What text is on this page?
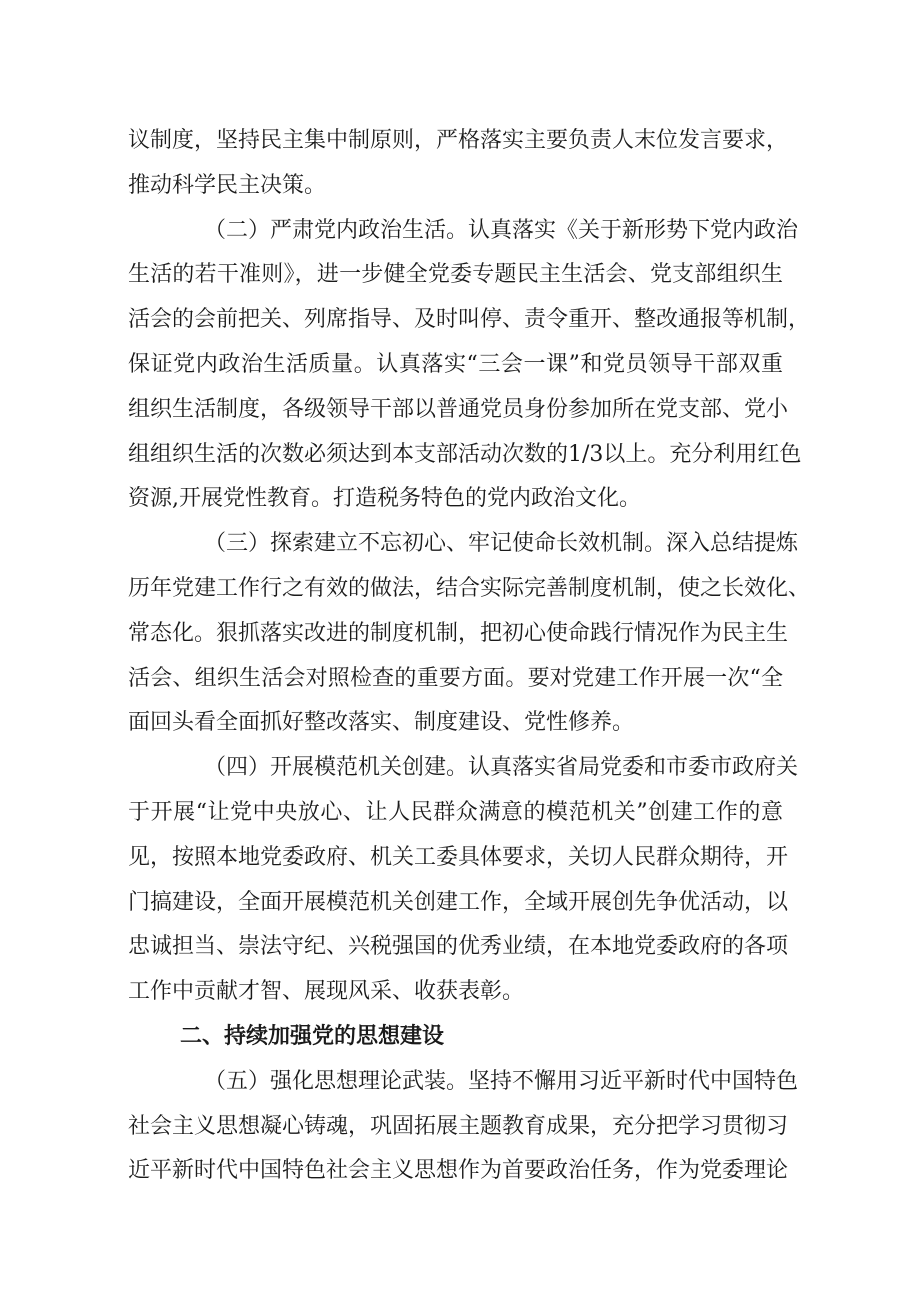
议制度，坚持民主集中制原则，严格落实主要负责人末位发言要求，
推动科学民主决策。
（二）严肃党内政治生活。认真落实《关于新形势下党内政治
生活的若干准则》，进一步健全党委专题民主生活会、党支部组织生
活会的会前把关、列席指导、及时叫停、责令重开、整改通报等机制，
保证党内政治生活质量。认真落实“三会一课”和党员领导干部双重
组织生活制度，各级领导干部以普通党员身份参加所在党支部、党小
组组织生活的次数必须达到本支部活动次数的1/3以上。充分利用红色
资源,开展党性教育。打造税务特色的党内政治文化。
（三）探索建立不忘初心、牢记使命长效机制。深入总结提炼
历年党建工作行之有效的做法，结合实际完善制度机制，使之长效化、
常态化。狠抓落实改进的制度机制，把初心使命践行情况作为民主生
活会、组织生活会对照检查的重要方面。要对党建工作开展一次“全
面回头看全面抓好整改落实、制度建设、党性修养。
（四）开展模范机关创建。认真落实省局党委和市委市政府关
于开展“让党中央放心、让人民群众满意的模范机关”创建工作的意
见，按照本地党委政府、机关工委具体要求，关切人民群众期待，开
门搞建设，全面开展模范机关创建工作，全域开展创先争优活动，以
忠诚担当、崇法守纪、兴税强国的优秀业绩，在本地党委政府的各项
工作中贡献才智、展现风采、收获表彰。
二、持续加强党的思想建设
（五）强化思想理论武装。坚持不懈用习近平新时代中国特色
社会主义思想凝心铸魂，巩固拓展主题教育成果，充分把学习贯彻习
近平新时代中国特色社会主义思想作为首要政治任务，作为党委理论
